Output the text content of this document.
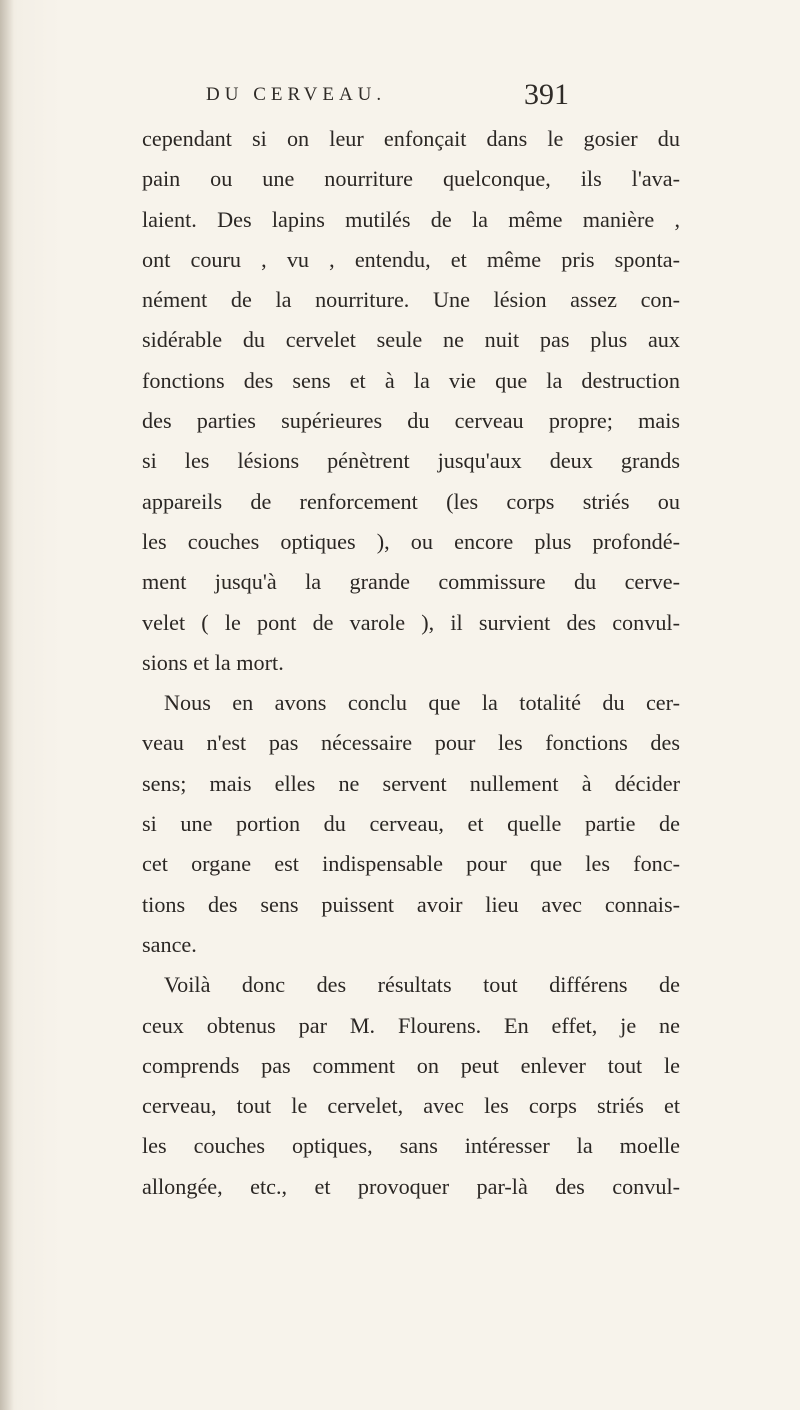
DU CERVEAU.	391
cependant si on leur enfonçait dans le gosier du
pain ou une nourriture quelconque, ils l'ava-
laient. Des lapins mutilés de la même manière ,
ont couru , vu , entendu, et même pris sponta-
nément de la nourriture. Une lésion assez con-
sidérable du cervelet seule ne nuit pas plus aux
fonctions des sens et à la vie que la destruction
des parties supérieures du cerveau propre; mais
si les lésions pénètrent jusqu'aux deux grands
appareils de renforcement (les corps striés ou
les couches optiques ), ou encore plus profondé-
ment jusqu'à la grande commissure du cerve-
velet ( le pont de varole ), il survient des convul-
sions et la mort.
Nous en avons conclu que la totalité du cer-
veau n'est pas nécessaire pour les fonctions des
sens; mais elles ne servent nullement à décider
si une portion du cerveau, et quelle partie de
cet organe est indispensable pour que les fonc-
tions des sens puissent avoir lieu avec connais-
sance.
Voilà donc des résultats tout différens de
ceux obtenus par M. Flourens. En effet, je ne
comprends pas comment on peut enlever tout le
cerveau, tout le cervelet, avec les corps striés et
les couches optiques, sans intéresser la moelle
allongée, etc., et provoquer par-là des convul-
